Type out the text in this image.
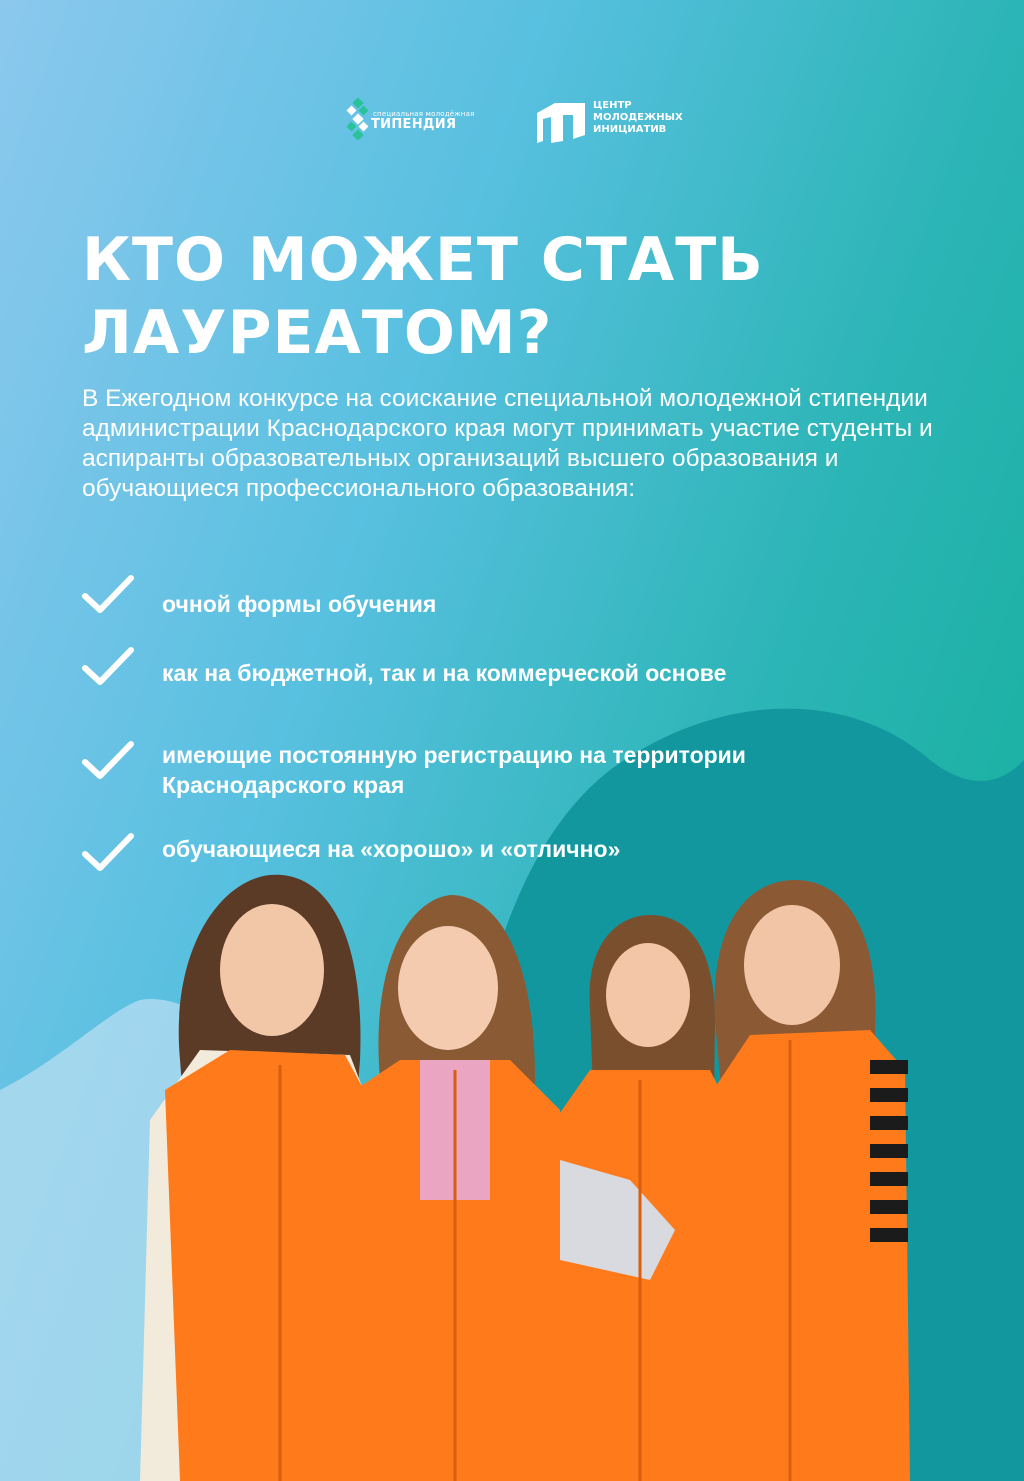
специальная молодёжная
ТИПЕНДИЯ
ЦЕНТР
МОЛОДЕЖНЫХ
ИНИЦИАТИВ
КТО МОЖЕТ СТАТЬ
ЛАУРЕАТОМ?

В Ежегодном конкурсе на соискание специальной молодежной стипендии администрации Краснодарского края могут принимать участие студенты и аспиранты образовательных организаций высшего образования и обучающиеся профессионального образования:

очной формы обучения
как на бюджетной, так и на коммерческой основе
имеющие постоянную регистрацию на территории Краснодарского края
обучающиеся на «хорошо» и «отлично»
